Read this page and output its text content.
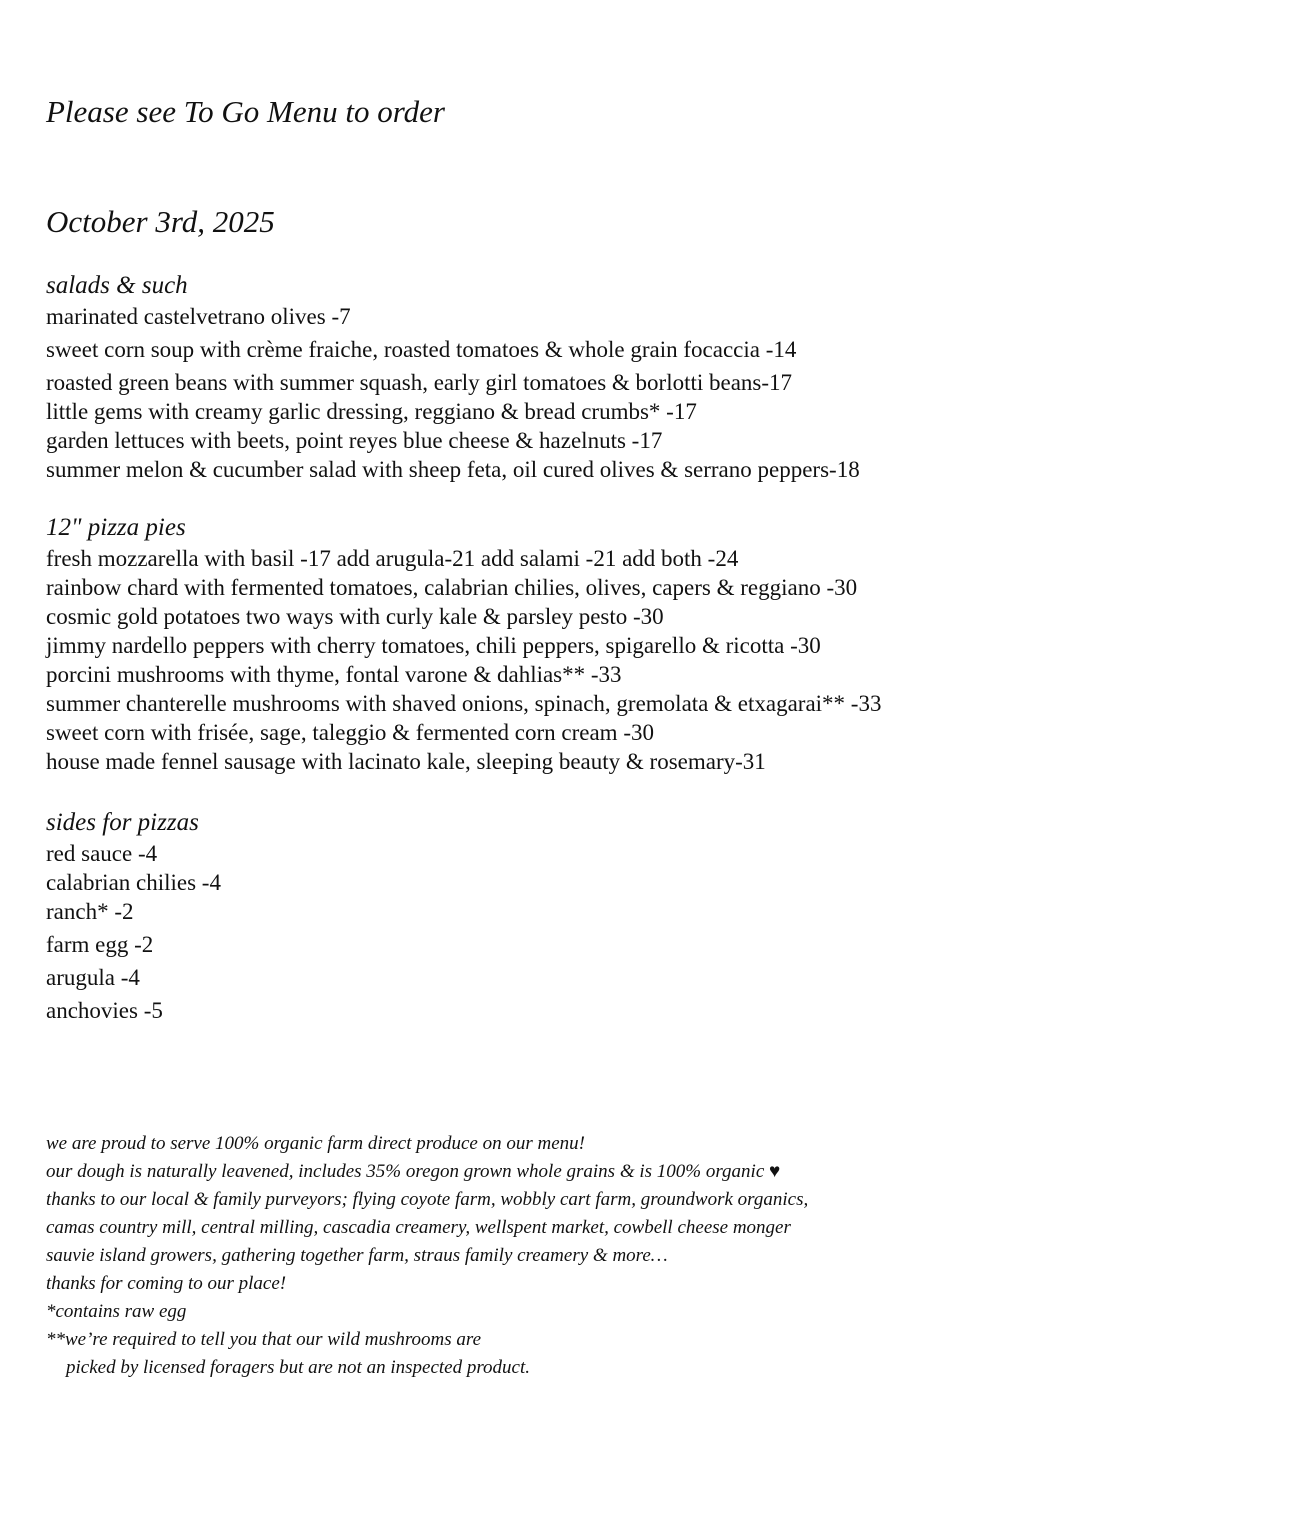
Please see To Go Menu to order
October 3rd, 2025
salads & such
marinated castelvetrano olives -7
sweet corn soup with crème fraiche, roasted tomatoes & whole grain focaccia -14
roasted green beans with summer squash, early girl tomatoes & borlotti beans-17
little gems with creamy garlic dressing, reggiano & bread crumbs* -17
garden lettuces with beets, point reyes blue cheese & hazelnuts -17
summer melon & cucumber salad with sheep feta, oil cured olives & serrano peppers-18
12" pizza pies
fresh mozzarella with basil -17 add arugula-21 add salami -21 add both -24
rainbow chard with fermented tomatoes, calabrian chilies, olives, capers & reggiano -30
cosmic gold potatoes two ways with curly kale & parsley pesto -30
jimmy nardello peppers with cherry tomatoes, chili peppers, spigarello & ricotta -30
porcini mushrooms with thyme, fontal varone & dahlias** -33
summer chanterelle mushrooms with shaved onions, spinach, gremolata & etxagarai** -33
sweet corn with frisée, sage, taleggio & fermented corn cream -30
house made fennel sausage with lacinato kale, sleeping beauty & rosemary-31
sides for pizzas
red sauce -4
calabrian chilies -4
ranch* -2
farm egg -2
arugula -4
anchovies -5
we are proud to serve 100% organic farm direct produce on our menu!
our dough is naturally leavened, includes 35% oregon grown whole grains & is 100% organic ♥
thanks to our local & family purveyors; flying coyote farm, wobbly cart farm, groundwork organics,
camas country mill, central milling, cascadia creamery, wellspent market, cowbell cheese monger
sauvie island growers, gathering together farm, straus family creamery & more…
thanks for coming to our place!
*contains raw egg
**we’re required to tell you that our wild mushrooms are
picked by licensed foragers but are not an inspected product.
